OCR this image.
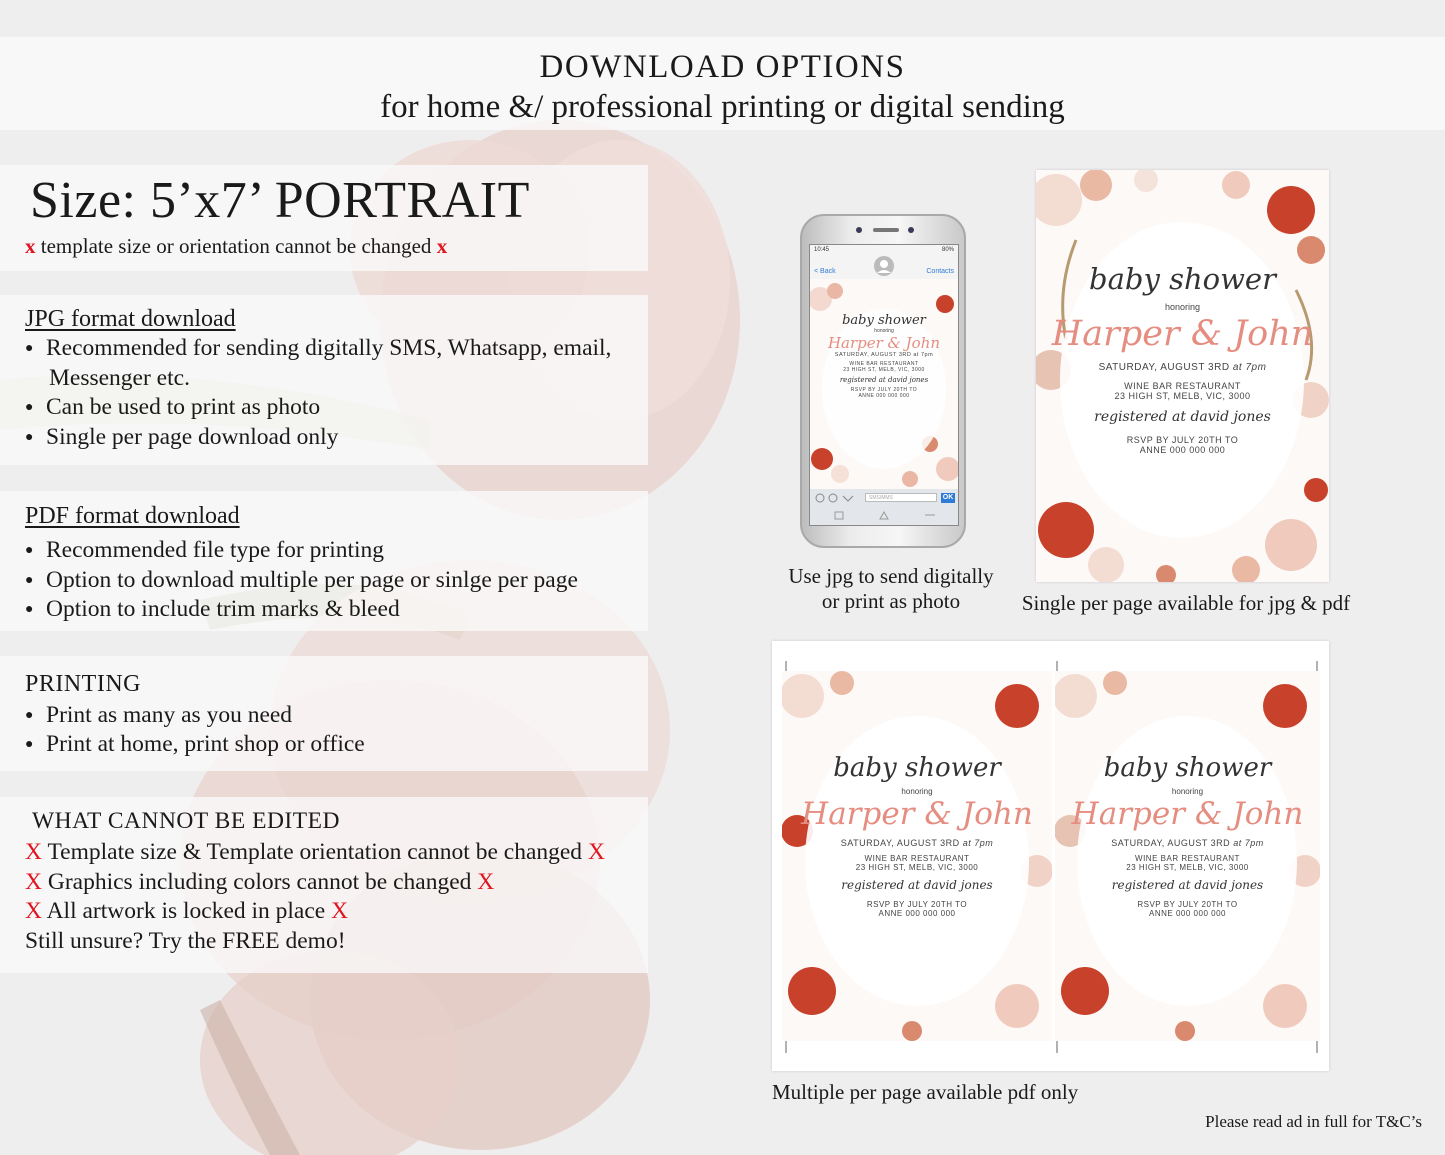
DOWNLOAD OPTIONS
for home &/ professional printing or digital sending
Size: 5’x7’ PORTRAIT
x template size or orientation cannot be changed x
JPG format download
● Recommended for sending digitally SMS, Whatsapp, email,
Messenger etc.
● Can be used to print as photo
● Single per page download only
PDF format download
● Recommended file type for printing
● Option to download multiple per page or sinlge per page
● Option to include trim marks & bleed
PRINTING
● Print as many as you need
● Print at home, print shop or office
WHAT CANNOT BE EDITED
X Template size & Template orientation cannot be changed X
X Graphics including colors cannot be changed X
X All artwork is locked in place X
Still unsure? Try the FREE demo!
10:45	80%
< Back	Contacts
baby shower
honoring
Harper & John
SATURDAY, AUGUST 3RD at 7pm
WINE BAR RESTAURANT
23 HIGH ST, MELB, VIC, 3000
registered at david jones
RSVP BY JULY 20TH TO
ANNE 000 000 000
SMS/MMS	OK
baby shower
honoring
Harper & John
SATURDAY, AUGUST 3RD at 7pm
WINE BAR RESTAURANT
23 HIGH ST, MELB, VIC, 3000
registered at david jones
RSVP BY JULY 20TH TO
ANNE 000 000 000
baby shower
honoring
Harper & John
SATURDAY, AUGUST 3RD at 7pm
WINE BAR RESTAURANT
23 HIGH ST, MELB, VIC, 3000
registered at david jones
RSVP BY JULY 20TH TO
ANNE 000 000 000
baby shower
honoring
Harper & John
SATURDAY, AUGUST 3RD at 7pm
WINE BAR RESTAURANT
23 HIGH ST, MELB, VIC, 3000
registered at david jones
RSVP BY JULY 20TH TO
ANNE 000 000 000
Use jpg to send digitally
or print as photo	Single per page available for jpg & pdf
Multiple per page available pdf only
Please read ad in full for T&C’s
